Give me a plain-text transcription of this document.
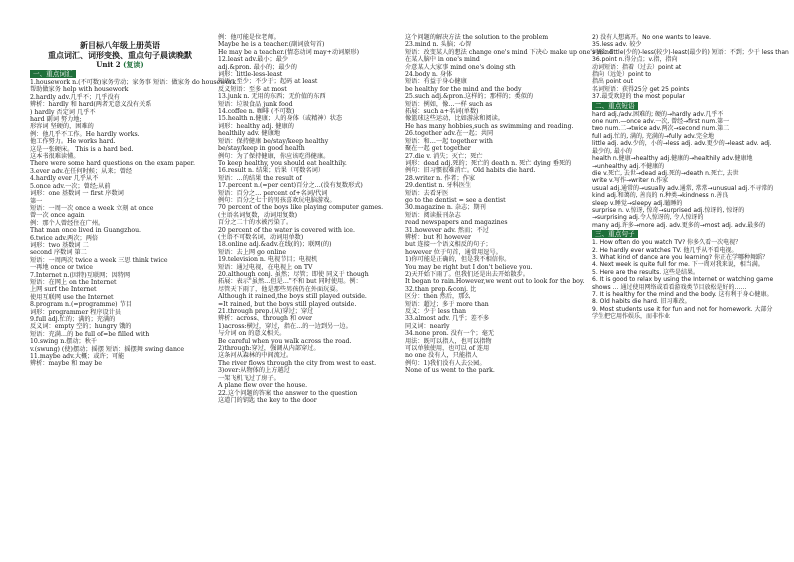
新目标八年级上册英语
重点词汇、词形变换、重点句子晨读晚默
Unit 2 (复读)
一、重点词汇
1.housework n.(不可数)家务劳动；家务事 短语：做家务 do housework
帮助做家务 help with housework
2.hardly adv.几乎不；几乎没有
辨析：hardly 和 hard(两者无意义没有关系
) hardly 否定词 几乎不
hard 副词 努力地;
形容词 坚硬的，困难的
例：他几乎不工作。He hardly works.
他工作努力。He works hard.
这是一张硬床。 This is a hard bed.
这本书很难读懂。
There were some hard questions on the exam paper.
3.ever adv.在任何时候；从来；曾经
4.hardly ever 几乎从不
5.once adv.一次；曾经;从前
词形：one 基数词 一 first 序数词
第一
短语：一周一次 once a week 立刻 at once
曾一次 once again
例：那个人曾经住在广州。
That man once lived in Guangzhou.
6.twice adv.两次；两倍
词形：two 基数词 二
second 序数词 第二
短语：一周两次 twice a week 三思 think twice
一再地 once or twice
7.Internet n.(因特)互联网；因特网
短语：在网上 on the Internet
上网 surf the Internet
使用互联网 use the Internet
8.program n.(=programme) 节目
词形：programmer 程序设计员
9.full adj.忙的；满的；充满的
反义词：empty 空的；hungry 饿的
短语：充满…的 be full of=be filled with
10.swing n.摆动；秋千
v.(swung) (使)摆动；摇摆 短语：摇摆舞 swing dance
11.maybe adv.大概；或许；可能
辨析：maybe 和 may be
例：他可能是位老师。
Maybe he is a teacher.(副词放句首)
He may be a teacher.(情态动词 may+动词原形)
12.least adv.最小；最少
adj.&pron. 最小的；最少的
词形：little-less-least
短语：至少；不少于；起码 at least
反义短语：至多 at most
13.junk n. 无用的东西；无价值的东西
短语：垃圾食品 junk food
14.coffee n. 咖啡 (不可数)
15.health n.健康；人的身体（或精神）状态
词形：healthy adj. 健康的
healthily adv. 健康地
短语：保持健康 be/stay/keep healthy
be/stay/keep in good health
例句：为了保持健康，你应该吃得健康。
To keep healthy, you should eat healthily.
16.result n. 结果；后果（可数名词）
短语：…的结果 the result of
17.percent n.(=per cent)百分之…(没有复数形式)
短语：百分之… percent of+名词/代词
例句：百分之七十的男孩喜欢玩电脑游戏。
70 percent of the boys like playing computer games.
(主语名词复数，动词用复数)
百分之二十的水被污染了。
20 percent of the water is covered with ice.
(主语不可数名词，动词用单数)
18.online adj.&adv.在线(的)；联网(的)
短语：去上网 go online
19.television n. 电视节目；电视机
短语：通过电视，在电视上 on TV
20.although conj. 虽然；尽管；即使 同义于 though
拓展：表示"虽然…但是…"不和 but 同时使用。例：
尽管天下雨了，他是那些男孩仍在外面玩耍。
Although it rained,the boys still played outside.
=It rained, but the boys still played outside.
21.through prep.(从)穿过；穿过
辨析：across、through 和 over
1)across:横过，穿过，指在…的一边到另一边。
与介词 on 的意义相关。
Be careful when you walk across the road.
2)through:穿过，强调从内部穿过。
这条河从森林的中间流过。
The river flows through the city from west to east.
3)over:从物体的上方越过
一架飞机飞过了房子。
A plane flew over the house.
22.这个问题的答案 the answer to the question
这道门的钥匙 the key to the door
这个问题的解决方法 the solution to the problem
23.mind n. 头脑；心智
短语：改变某人的想法 change one's mind 下决心 make up one's mind
在某人脑中 in one's mind
介意某人大家事 mind one's doing sth
24.body n. 身体
短语：有益于身心健康
be healthy for the mind and the body
25.such adj.&pron.这样的；那样的；类似的
短语：例如，像…一样 such as
拓展：such a+名词(单数)
像篮球这些运动，比如游泳和阅读。
He has many hobbies,such as swimming and reading.
26.together adv.在一起；共同
短语：和…一起 together with
聚在一起 get together
27.die v. 消失；灭亡；死亡
词形：dead adj.死的；死亡的 death n. 死亡 dying 垂死的
例句：旧习惯很难消亡。Old habits die hard.
28.writer n. 作者；作家
29.dentist n. 牙科医生
短语：去看牙医
go to the dentist = see a dentist
30.magazine n. 杂志；期刊
短语：阅读报刊杂志
read newspapers and magazines
31.however adv. 然而；不过
辨析：but 和 however
but 连接一个语义相反的句子；
however 位于句首，通常用逗号。
1)你可能是正确的，但是我不相信你。
You may be right but I don't believe you.
2)天开始下雨了。但我们还是出去开始散步。
It began to rain.However,we went out to look for the boy.
32.than prep.&conj. 比
区分：then 然后，那么
短语：超过；多于 more than
反义：少于 less than
33.almost adv. 几乎；差不多
同义词：nearly
34.none pron. 没有一个；毫无
用法：既可以指人，也可以指物
可以单独使用，也可以 of 连用
no one 没有人，只能指人
例句：1)我们没有人去公园。
None of us went to the park.
2) 没有人想离开。No one wants to leave.
35.less adv. 较少
词形：little(少的)-less(较少)-least(最少的) 短语：不到；少于 less than
36.point n.得分点；v.指，指向
动词短语：指着（过去）point at
指向（远处）point to
指出 point out
名词短语：获得25分 get 25 points
37.最受欢迎的 the most popular
二、重点短语
hard adj./adv.困难的; 硬的→hardly adv.几乎不
one num.—once adv.一次, 曾经→first num.第一
two num.二→twice adv.两次→second num.第二
full adj.忙的, 满的, 充满的→fully adv.完全地
little adj. adv.少的，小的→less adj. adv.更少的→least adv. adj.最少的, 最小的
health n.健康→healthy adj.健康的→healthily adv.健康地→unhealthy adj.不健康的
die v.死亡, 去世→dead adj.死的→death n.死亡, 去世
write v.写作→writer n.作家
usual adj.通常的→usually adv.通常, 常常→unusual adj.不寻常的
kind adj.和蔼的, 善良的 n.种类→kindness n.善良
sleep v.睡觉→sleepy adj.瞌睡的
surprise n. v.惊讶, 惊奇→surprised adj.惊讶的, 惊讶的→surprising adj.令人惊讶的, 令人惊讶的
many adj.许多→more adj. adv.更多的→most adj. adv.最多的
三、重点句子
1. How often do you watch TV? 你多久看一次电视？
2. He hardly ever watches TV. 他几乎从不看电视。
3. What kind of dance are you learning? 你正在学哪种舞蹈？
4. Next week is quite full for me. 下一周对我来说，相当满。
5. Here are the results. 这些是结果。
6. It is good to relax by using the Internet or watching game shows … 通过使用网络或看看游戏类节目放松是好的……
7. It is healthy for the mind and the body. 这有利于身心健康。
8. Old habits die hard. 旧习难改。
9. Most students use it for fun and not for homework. 大部分学生把它用作娱乐，而非作业
